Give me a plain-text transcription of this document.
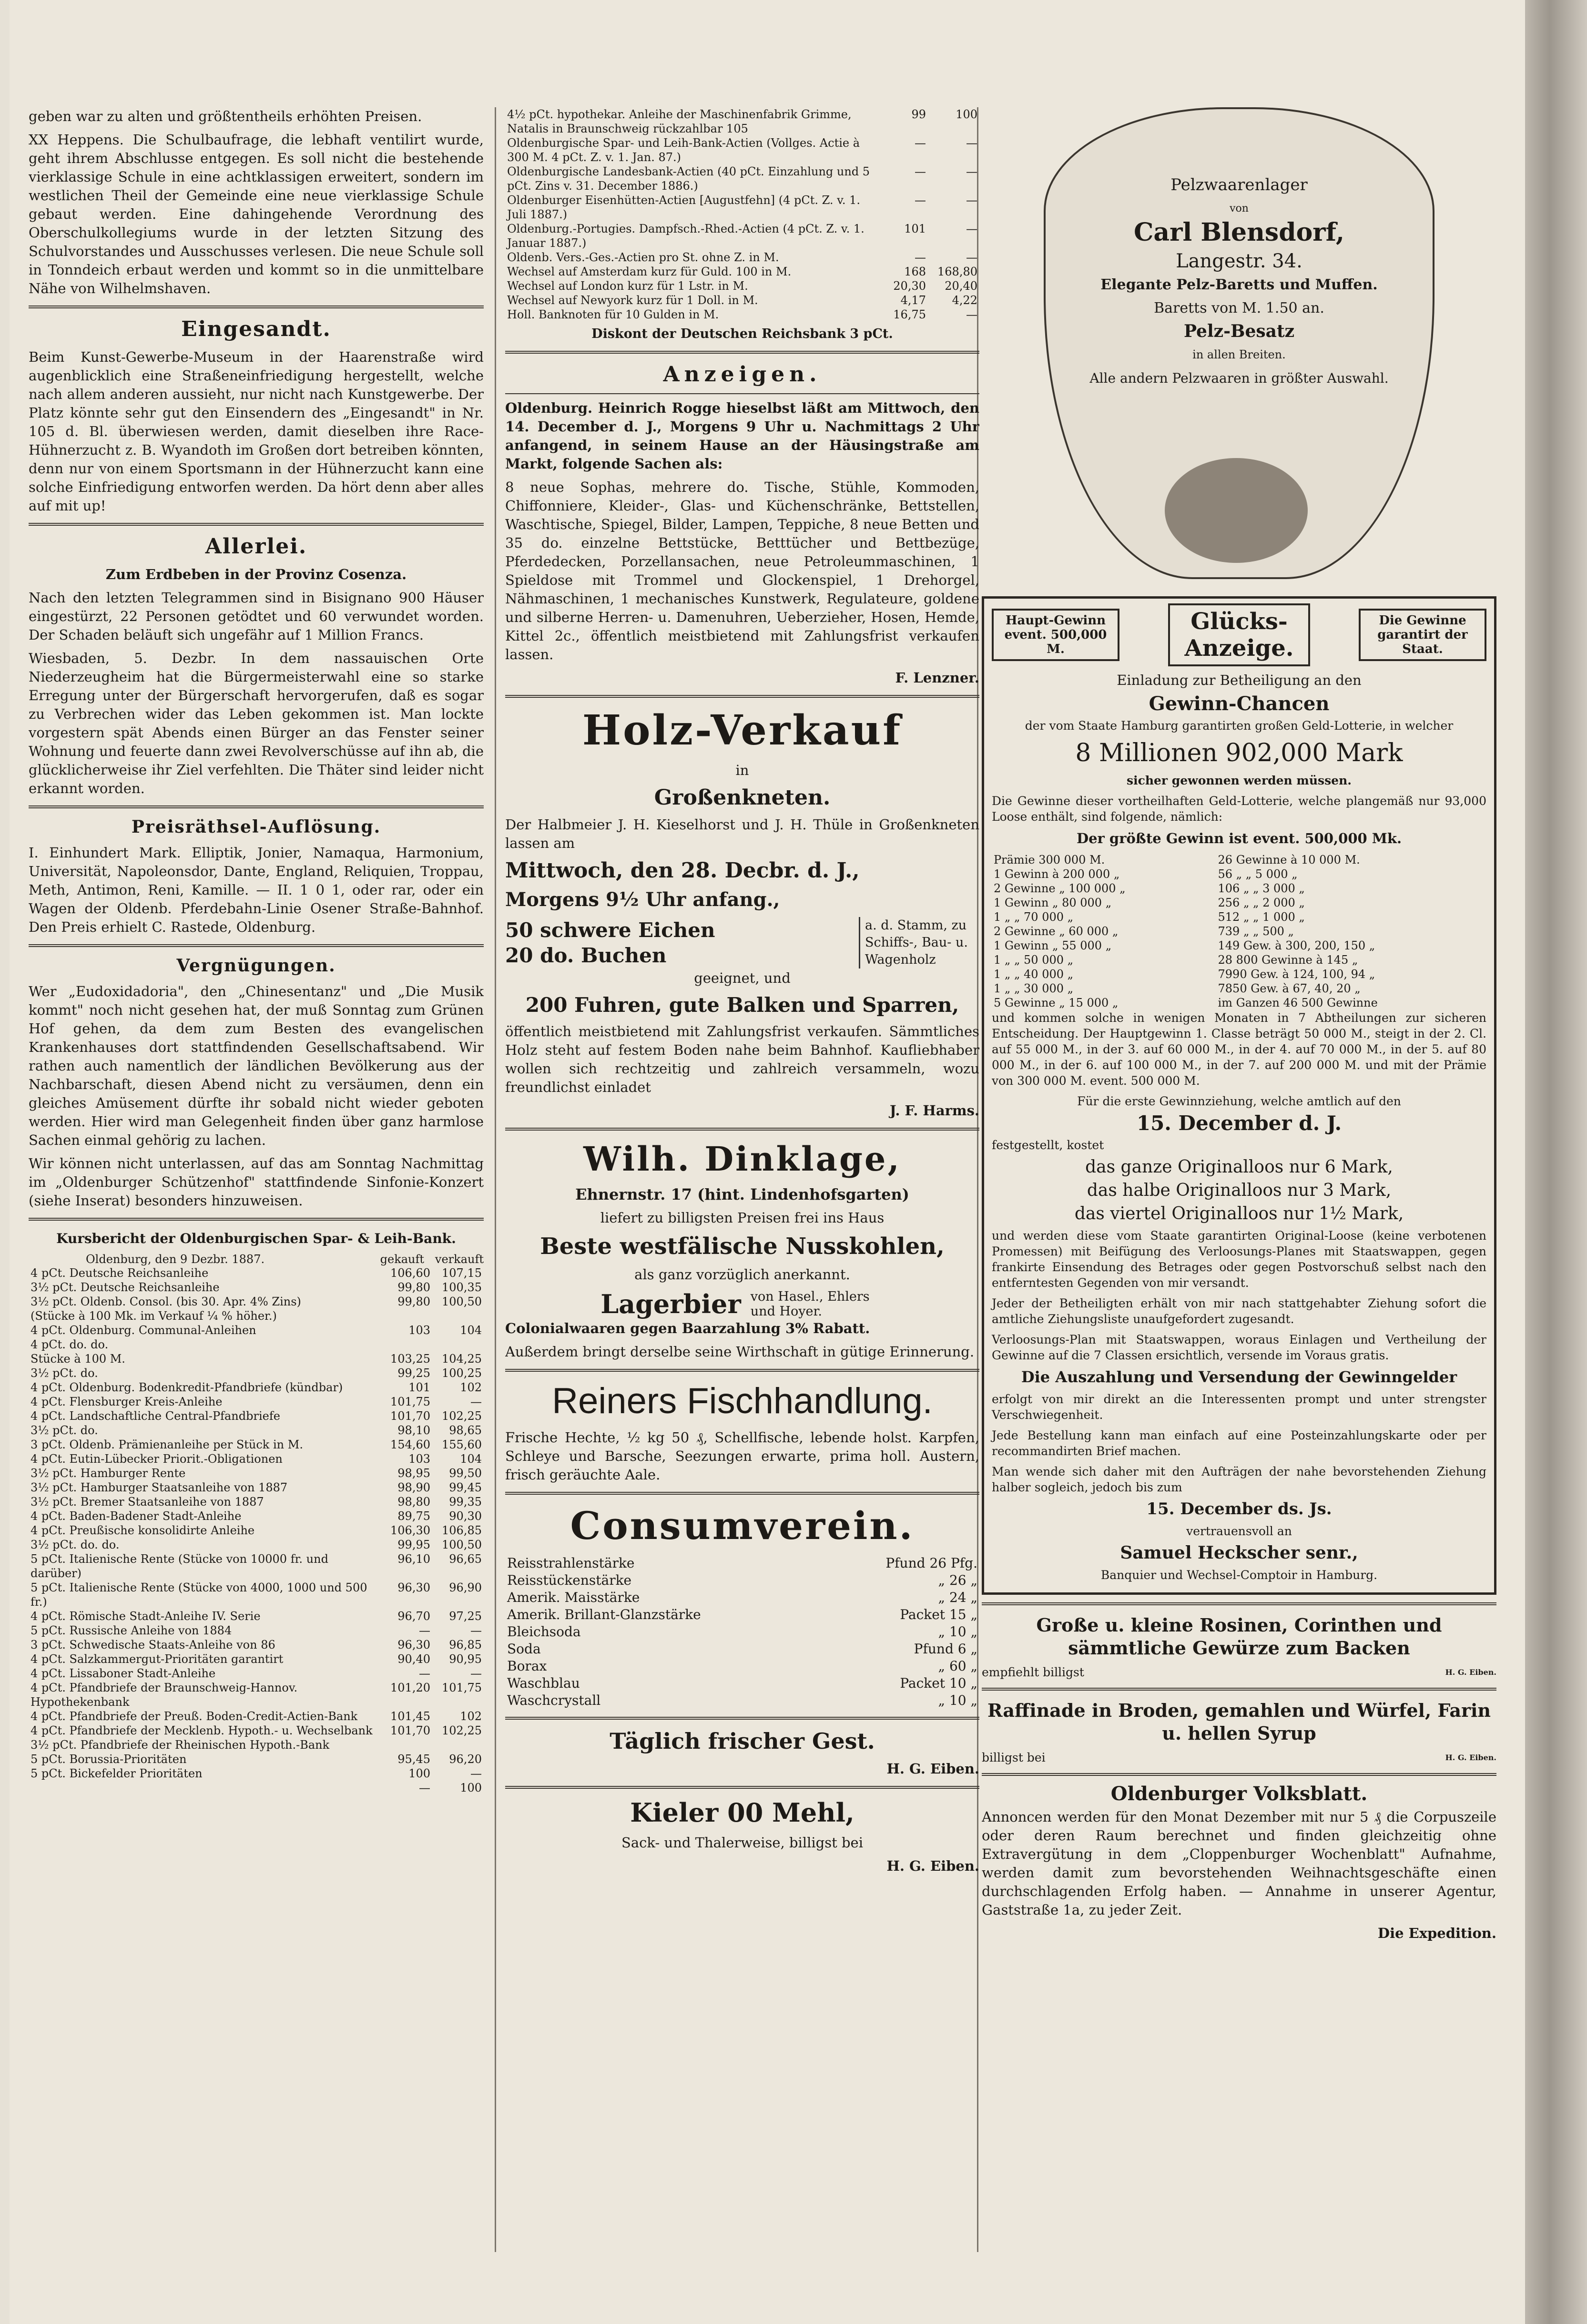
geben war zu alten und größtentheils erhöhten Preisen.

XX Heppens. Die Schulbaufrage, die lebhaft ventilirt wurde, geht ihrem Abschlusse entgegen. Es soll nicht die bestehende vierklassige Schule in eine achtklassigen erweitert, sondern im westlichen Theil der Gemeinde eine neue vierklassige Schule gebaut werden. Eine dahingehende Verordnung des Oberschulkollegiums wurde in der letzten Sitzung des Schulvorstandes und Ausschusses verlesen. Die neue Schule soll in Tonndeich erbaut werden und kommt so in die unmittelbare Nähe von Wilhelmshaven.

Eingesandt.

Beim Kunst-Gewerbe-Museum in der Haarenstraße wird augenblicklich eine Straßeneinfriedigung hergestellt, welche nach allem anderen aussieht, nur nicht nach Kunstgewerbe. Der Platz könnte sehr gut den Einsendern des „Eingesandt" in Nr. 105 d. Bl. überwiesen werden, damit dieselben ihre Race-Hühnerzucht z. B. Wyandoth im Großen dort betreiben könnten, denn nur von einem Sportsmann in der Hühnerzucht kann eine solche Einfriedigung entworfen werden. Da hört denn aber alles auf mit up!

Allerlei.

Zum Erdbeben in der Provinz Cosenza.

Nach den letzten Telegrammen sind in Bisignano 900 Häuser eingestürzt, 22 Personen getödtet und 60 verwundet worden. Der Schaden beläuft sich ungefähr auf 1 Million Francs.

Wiesbaden, 5. Dezbr. In dem nassauischen Orte Niederzeugheim hat die Bürgermeisterwahl eine so starke Erregung unter der Bürgerschaft hervorgerufen, daß es sogar zu Verbrechen wider das Leben gekommen ist. Man lockte vorgestern spät Abends einen Bürger an das Fenster seiner Wohnung und feuerte dann zwei Revolverschüsse auf ihn ab, die glücklicherweise ihr Ziel verfehlten. Die Thäter sind leider nicht erkannt worden.

Preisräthsel-Auflösung.

I. Einhundert Mark. Elliptik, Jonier, Namaqua, Harmonium, Universität, Napoleonsdor, Dante, England, Reliquien, Troppau, Meth, Antimon, Reni, Kamille. — II. 1 0 1, oder rar, oder ein Wagen der Oldenb. Pferdebahn-Linie Osener Straße-Bahnhof. Den Preis erhielt C. Rastede, Oldenburg.

Vergnügungen.

Wer „Eudoxidadoria", den „Chinesentanz" und „Die Musik kommt" noch nicht gesehen hat, der muß Sonntag zum Grünen Hof gehen, da dem zum Besten des evangelischen Krankenhauses dort stattfindenden Gesellschaftsabend. Wir rathen auch namentlich der ländlichen Bevölkerung aus der Nachbarschaft, diesen Abend nicht zu versäumen, denn ein gleiches Amüsement dürfte ihr sobald nicht wieder geboten werden. Hier wird man Gelegenheit finden über ganz harmlose Sachen einmal gehörig zu lachen.

Wir können nicht unterlassen, auf das am Sonntag Nachmittag im „Oldenburger Schützenhof" stattfindende Sinfonie-Konzert (siehe Inserat) besonders hinzuweisen.

Kursbericht der Oldenburgischen Spar- & Leih-Bank.

Oldenburg, den 9 Dezbr. 1887.	gekauft verkauft
4 pCt. Deutsche Reichsanleihe	106,60	107,15
3½ pCt. Deutsche Reichsanleihe	99,80	100,35
3½ pCt. Oldenb. Consol. (bis 30. Apr. 4% Zins)	99,80	100,50
(Stücke à 100 Mk. im Verkauf ¼ % höher.)		
4 pCt. Oldenburg. Communal-Anleihen	103	104
4 pCt. do. do.		
Stücke à 100 M.	103,25	104,25
3½ pCt. do.	99,25	100,25
4 pCt. Oldenburg. Bodenkredit-Pfandbriefe (kündbar)	101	102
4 pCt. Flensburger Kreis-Anleihe	101,75	—
4 pCt. Landschaftliche Central-Pfandbriefe	101,70	102,25
3½ pCt. do.	98,10	98,65
3 pCt. Oldenb. Prämienanleihe per Stück in M.	154,60	155,60
4 pCt. Eutin-Lübecker Priorit.-Obligationen	103	104
3½ pCt. Hamburger Rente	98,95	99,50
3½ pCt. Hamburger Staatsanleihe von 1887	98,90	99,45
3½ pCt. Bremer Staatsanleihe von 1887	98,80	99,35
4 pCt. Baden-Badener Stadt-Anleihe	89,75	90,30
4 pCt. Preußische konsolidirte Anleihe	106,30	106,85
3½ pCt. do. do.	99,95	100,50
5 pCt. Italienische Rente (Stücke von 10000 fr. und darüber)	96,10	96,65
5 pCt. Italienische Rente (Stücke von 4000, 1000 und 500 fr.)	96,30	96,90
4 pCt. Römische Stadt-Anleihe IV. Serie	96,70	97,25
5 pCt. Russische Anleihe von 1884	—	—
3 pCt. Schwedische Staats-Anleihe von 86	96,30	96,85
4 pCt. Salzkammergut-Prioritäten garantirt	90,40	90,95
4 pCt. Lissaboner Stadt-Anleihe	—	—
4 pCt. Pfandbriefe der Braunschweig-Hannov. Hypothekenbank	101,20	101,75
4 pCt. Pfandbriefe der Preuß. Boden-Credit-Actien-Bank	101,45	102
4 pCt. Pfandbriefe der Mecklenb. Hypoth.- u. Wechselbank	101,70	102,25
3½ pCt. Pfandbriefe der Rheinischen Hypoth.-Bank		
5 pCt. Borussia-Prioritäten	95,45	96,20
5 pCt. Bickefelder Prioritäten	100	—
	—	100
4½ pCt. hypothekar. Anleihe der Maschinenfabrik Grimme, Natalis in Braunschweig rückzahlbar 105	99	100
Oldenburgische Spar- und Leih-Bank-Actien (Vollges. Actie à 300 M. 4 pCt. Z. v. 1. Jan. 87.)	—	—
Oldenburgische Landesbank-Actien (40 pCt. Einzahlung und 5 pCt. Zins v. 31. December 1886.)	—	—
Oldenburger Eisenhütten-Actien [Augustfehn] (4 pCt. Z. v. 1. Juli 1887.)	—	—
Oldenburg.-Portugies. Dampfsch.-Rhed.-Actien (4 pCt. Z. v. 1. Januar 1887.)	101	—
Oldenb. Vers.-Ges.-Actien pro St. ohne Z. in M.	—	—
Wechsel auf Amsterdam kurz für Guld. 100 in M.	168	168,80
Wechsel auf London kurz für 1 Lstr. in M.	20,30	20,40
Wechsel auf Newyork kurz für 1 Doll. in M.	4,17	4,22
Holl. Banknoten für 10 Gulden in M.	16,75	—

Diskont der Deutschen Reichsbank 3 pCt.

Anzeigen.

Oldenburg. Heinrich Rogge hieselbst läßt am Mittwoch, den 14. December d. J., Morgens 9 Uhr u. Nachmittags 2 Uhr anfangend, in seinem Hause an der Häusingstraße am Markt, folgende Sachen als:

8 neue Sophas, mehrere do. Tische, Stühle, Kommoden, Chiffonniere, Kleider-, Glas- und Küchenschränke, Bettstellen, Waschtische, Spiegel, Bilder, Lampen, Teppiche, 8 neue Betten und 35 do. einzelne Bettstücke, Betttücher und Bettbezüge, Pferdedecken, Porzellansachen, neue Petroleummaschinen, 1 Spieldose mit Trommel und Glockenspiel, 1 Drehorgel, Nähmaschinen, 1 mechanisches Kunstwerk, Regulateure, goldene und silberne Herren- u. Damenuhren, Ueberzieher, Hosen, Hemde, Kittel 2c., öffentlich meistbietend mit Zahlungsfrist verkaufen lassen.

F. Lenzner.

Holz-Verkauf

in

Großenkneten.

Der Halbmeier J. H. Kieselhorst und J. H. Thüle in Großenkneten lassen am

Mittwoch, den 28. Decbr. d. J.,
Morgens 9½ Uhr anfang.,
50 schwere Eichen
20 do. Buchen
a. d. Stamm, zu Schiffs-, Bau- u. Wagenholz

geeignet, und

200 Fuhren, gute Balken und Sparren,

öffentlich meistbietend mit Zahlungsfrist verkaufen. Sämmtliches Holz steht auf festem Boden nahe beim Bahnhof. Kaufliebhaber wollen sich rechtzeitig und zahlreich versammeln, wozu freundlichst einladet

J. F. Harms.

Wilh. Dinklage,

Ehnernstr. 17 (hint. Lindenhofsgarten)

liefert zu billigsten Preisen frei ins Haus

Beste westfälische Nusskohlen,

als ganz vorzüglich anerkannt.

Lagerbier von Hasel., Ehlers und Hoyer.

Colonialwaaren gegen Baarzahlung 3% Rabatt.

Außerdem bringt derselbe seine Wirthschaft in gütige Erinnerung.

Reiners Fischhandlung.

Frische Hechte, ½ kg 50 ₰, Schellfische, lebende holst. Karpfen, Schleye und Barsche, Seezungen erwarte, prima holl. Austern, frisch geräuchte Aale.

Consumverein.
Reisstrahlenstärke	Pfund 26 Pfg.
Reisstückenstärke	„ 26 „
Amerik. Maisstärke	„ 24 „
Amerik. Brillant-Glanzstärke	Packet 15 „
Bleichsoda	„ 10 „
Soda	Pfund 6 „
Borax	„ 60 „
Waschblau	Packet 10 „
Waschcrystall	„ 10 „
Täglich frischer Gest.

H. G. Eiben.

Kieler 00 Mehl,

Sack- und Thalerweise, billigst bei

H. G. Eiben.

Pelzwaarenlager

von

Carl Blensdorf,

Langestr. 34.

Elegante Pelz-Baretts und Muffen.

Baretts von M. 1.50 an.

Pelz-Besatz

in allen Breiten.

Alle andern Pelzwaaren in größter Auswahl.

Haupt-Gewinn event. 500,000 M.
Glücks-Anzeige.
Die Gewinne garantirt der Staat.

Einladung zur Betheiligung an den

Gewinn-Chancen

der vom Staate Hamburg garantirten großen Geld-Lotterie, in welcher

8 Millionen 902,000 Mark

sicher gewonnen werden müssen.

Die Gewinne dieser vortheilhaften Geld-Lotterie, welche plangemäß nur 93,000 Loose enthält, sind folgende, nämlich:

Der größte Gewinn ist event. 500,000 Mk.

Prämie 300 000 M.	26 Gewinne à 10 000 M.
1 Gewinn à 200 000 „	56 „ „ 5 000 „
2 Gewinne „ 100 000 „	106 „ „ 3 000 „
1 Gewinn „ 80 000 „	256 „ „ 2 000 „
1 „ „ 70 000 „	512 „ „ 1 000 „
2 Gewinne „ 60 000 „	739 „ „ 500 „
1 Gewinn „ 55 000 „	149 Gew. à 300, 200, 150 „
1 „ „ 50 000 „	28 800 Gewinne à 145 „
1 „ „ 40 000 „	7990 Gew. à 124, 100, 94 „
1 „ „ 30 000 „	7850 Gew. à 67, 40, 20 „
5 Gewinne „ 15 000 „	im Ganzen 46 500 Gewinne

und kommen solche in wenigen Monaten in 7 Abtheilungen zur sicheren Entscheidung. Der Hauptgewinn 1. Classe beträgt 50 000 M., steigt in der 2. Cl. auf 55 000 M., in der 3. auf 60 000 M., in der 4. auf 70 000 M., in der 5. auf 80 000 M., in der 6. auf 100 000 M., in der 7. auf 200 000 M. und mit der Prämie von 300 000 M. event. 500 000 M.

Für die erste Gewinnziehung, welche amtlich auf den

15. December d. J.

festgestellt, kostet

das ganze Originalloos nur 6 Mark,

das halbe Originalloos nur 3 Mark,

das viertel Originalloos nur 1½ Mark,

und werden diese vom Staate garantirten Original-Loose (keine verbotenen Promessen) mit Beifügung des Verloosungs-Planes mit Staatswappen, gegen frankirte Einsendung des Betrages oder gegen Postvorschuß selbst nach den entferntesten Gegenden von mir versandt.

Jeder der Betheiligten erhält von mir nach stattgehabter Ziehung sofort die amtliche Ziehungsliste unaufgefordert zugesandt.

Verloosungs-Plan mit Staatswappen, woraus Einlagen und Vertheilung der Gewinne auf die 7 Classen ersichtlich, versende im Voraus gratis.

Die Auszahlung und Versendung der Gewinngelder

erfolgt von mir direkt an die Interessenten prompt und unter strengster Verschwiegenheit.

Jede Bestellung kann man einfach auf eine Posteinzahlungskarte oder per recommandirten Brief machen.

Man wende sich daher mit den Aufträgen der nahe bevorstehenden Ziehung halber sogleich, jedoch bis zum

15. December ds. Js.

vertrauensvoll an

Samuel Heckscher senr.,

Banquier und Wechsel-Comptoir in Hamburg.

Große u. kleine Rosinen, Corinthen und sämmtliche Gewürze zum Backen

empfiehlt billigst	H. G. Eiben.

Raffinade in Broden, gemahlen und Würfel, Farin u. hellen Syrup

billigst bei	H. G. Eiben.

Oldenburger Volksblatt.

Annoncen werden für den Monat Dezember mit nur 5 ₰ die Corpuszeile oder deren Raum berechnet und finden gleichzeitig ohne Extravergütung in dem „Cloppenburger Wochenblatt" Aufnahme, werden damit zum bevorstehenden Weihnachtsgeschäfte einen durchschlagenden Erfolg haben. — Annahme in unserer Agentur, Gaststraße 1a, zu jeder Zeit.

Die Expedition.
